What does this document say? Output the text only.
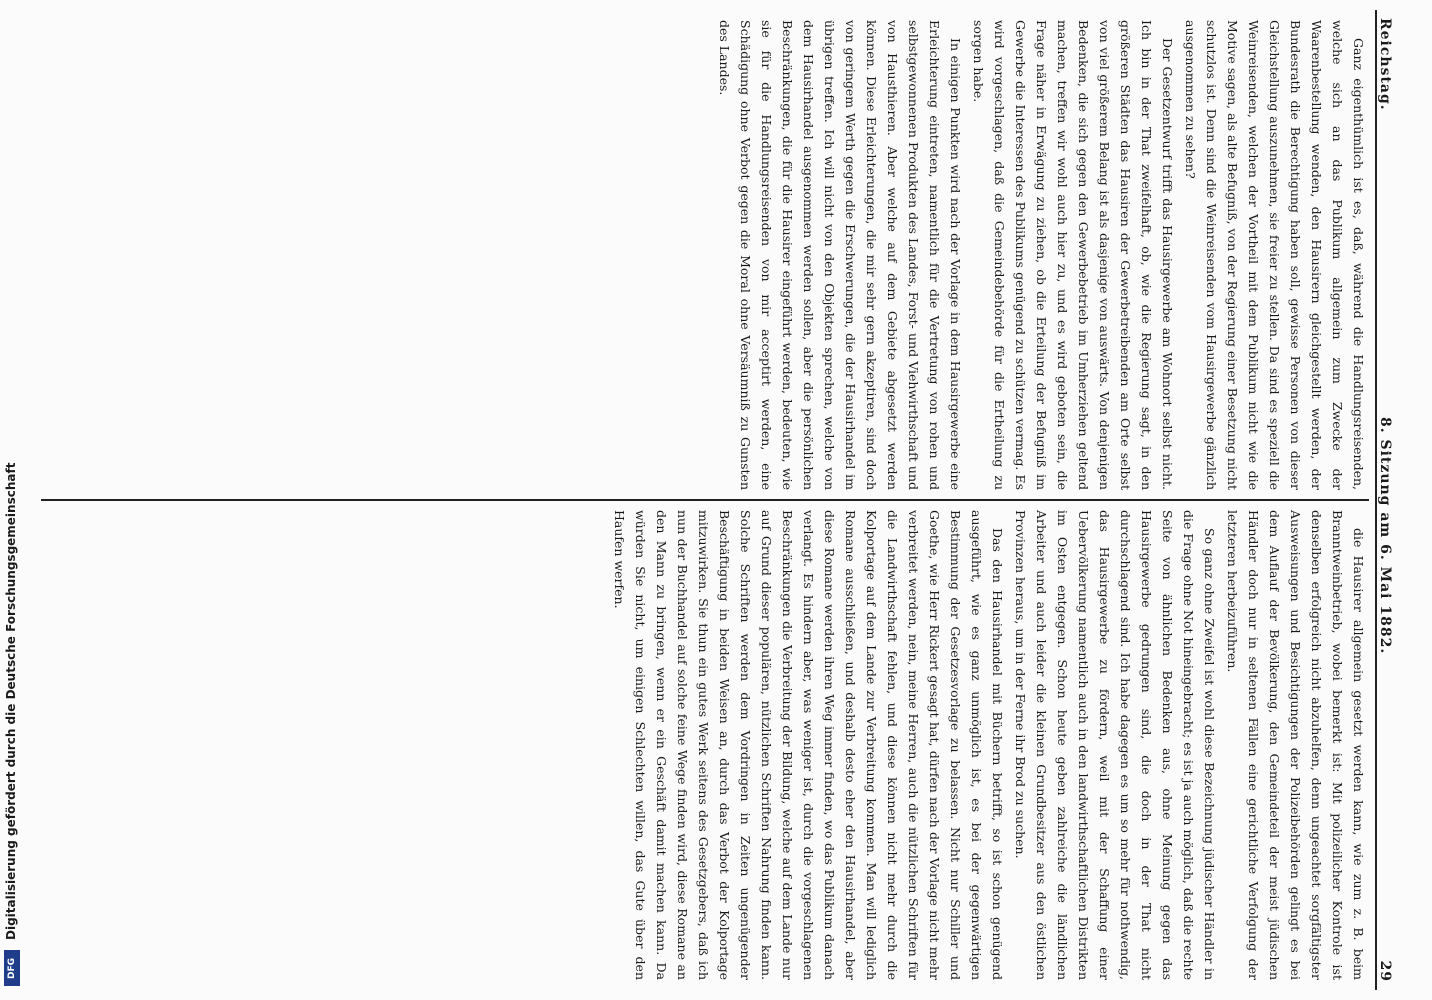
Reichstag.
8. Sitzung am 6. Mai 1882.
29

Ganz eigenthümlich ist es, daß, während die Handlungsreisenden, welche sich an das Publikum allgemein zum Zwecke der Waarenbestellung wenden, den Hausirern gleichgestellt werden, der Bundesrath die Berechtigung haben soll, gewisse Personen von dieser Gleichstellung auszunehmen, sie freier zu stellen. Da sind es speziell die Weinreisenden, welchen der Vortheil mit dem Publikum nicht wie die Motive sagen, als alte Befugniß, von der Regierung einer Besetzung nicht schutzlos ist. Denn sind die Weinreisenden vom Hausirgewerbe gänzlich ausgenommen zu sehen?

Der Gesetzentwurf trifft das Hausirgewerbe am Wohnort selbst nicht. Ich bin in der That zweifelhaft, ob, wie die Regierung sagt, in den größeren Städten das Hausiren der Gewerbetreibenden am Orte selbst von viel größerem Belang ist als dasjenige von auswärts. Von denjenigen Bedenken, die sich gegen den Gewerbebetrieb im Umherziehen geltend machen, treffen wir wohl auch hier zu, und es wird geboten sein, die Frage näher in Erwägung zu ziehen, ob die Erteilung der Befugniß im Gewerbe die Interessen des Publikums genügend zu schützen vermag. Es wird vorgeschlagen, daß die Gemeindebehörde für die Ertheilung zu sorgen habe.

In einigen Punkten wird nach der Vorlage in dem Hausirgewerbe eine Erleichterung eintreten, namentlich für die Vertretung von rohen und selbstgewonnenen Produkten des Landes, Forst- und Viehwirthschaft und von Hausthieren. Aber welche auf dem Gebiete abgesetzt werden können. Diese Erleichterungen, die mir sehr gern akzeptiren, sind doch von geringem Werth gegen die Erschwerungen, die der Hausirhandel im übrigen treffen. Ich will nicht von den Objekten sprechen, welche von dem Hausirhandel ausgenommen werden sollen, aber die persönlichen Beschränkungen, die für die Hausirer eingeführt werden, bedeuten, wie sie für die Handlungsreisenden von mir acceptirt werden, eine Schädigung ohne Verbot gegen die Moral ohne Versäumniß zu Gunsten des Landes.

die Hausirer allgemein gesetzt werden kann, wie zum z. B. beim Branntweinbetrieb, wobei bemerkt ist: Mit polizeilicher Kontrole ist denselben erfolgreich nicht abzuhelfen, denn ungeachtet sorgfältigster Ausweisungen und Besichtigungen der Polizeibehörden gelingt es bei dem Auflauf der Bevölkerung, den Gemeindeteil der meist jüdischen Händler doch nur in seltenen Fällen eine gerichtliche Verfolgung der letzteren herbeizuführen.

So ganz ohne Zweifel ist wohl diese Bezeichnung jüdischer Händler in die Frage ohne Not hineingebracht; es ist ja auch möglich, daß die rechte Seite von ähnlichen Bedenken aus, ohne Meinung gegen das Hausirgewerbe gedrungen sind, die doch in der That nicht durchschlagend sind. Ich habe dagegen es um so mehr für nothwendig, das Hausirgewerbe zu fördern, weil mit der Schaffung einer Uebervölkerung namentlich auch in den landwirthschaftlichen Distrikten im Osten entgegen. Schon heute geben zahlreiche die ländlichen Arbeiter und auch leider die kleinen Grundbesitzer aus den östlichen Provinzen heraus, um in der Ferne ihr Brod zu suchen.

Das den Hausirhandel mit Büchern betrifft, so ist schon genügend ausgeführt, wie es ganz unmöglich ist, es bei der gegenwärtigen Bestimmung der Gesetzesvorlage zu belassen. Nicht nur Schiller und Goethe, wie Herr Rickert gesagt hat, dürfen nach der Vorlage nicht mehr verbreitet werden, nein, meine Herren, auch die nützlichen Schriften für die Landwirthschaft fehlen, und diese können nicht mehr durch die Kolportage auf dem Lande zur Verbreitung kommen. Man will lediglich Romane ausschließen, und deshalb desto eher den Hausirhandel, aber diese Romane werden ihren Weg immer finden, wo das Publikum danach verlangt. Es hindern aber, was weniger ist, durch die vorgeschlagenen Beschränkungen die Verbreitung der Bildung, welche auf dem Lande nur auf Grund dieser populären, nützlichen Schriften Nahrung finden kann. Solche Schriften werden dem Vordringen in Zeiten ungenügender Beschäftigung in beiden Weisen an, durch das Verbot der Kolportage mitzuwirken. Sie thun ein gutes Werk seitens des Gesetzgebers, daß ich nun der Buchhandel auf solche feine Wege finden wird, diese Romane an den Mann zu bringen, wenn er ein Geschäft damit machen kann. Da würden Sie nicht, um einigen Schlechten willen, das Gute über den Haufen werfen.

Digitalisierung gefördert durch die Deutsche Forschungsgemeinschaft
DFG
